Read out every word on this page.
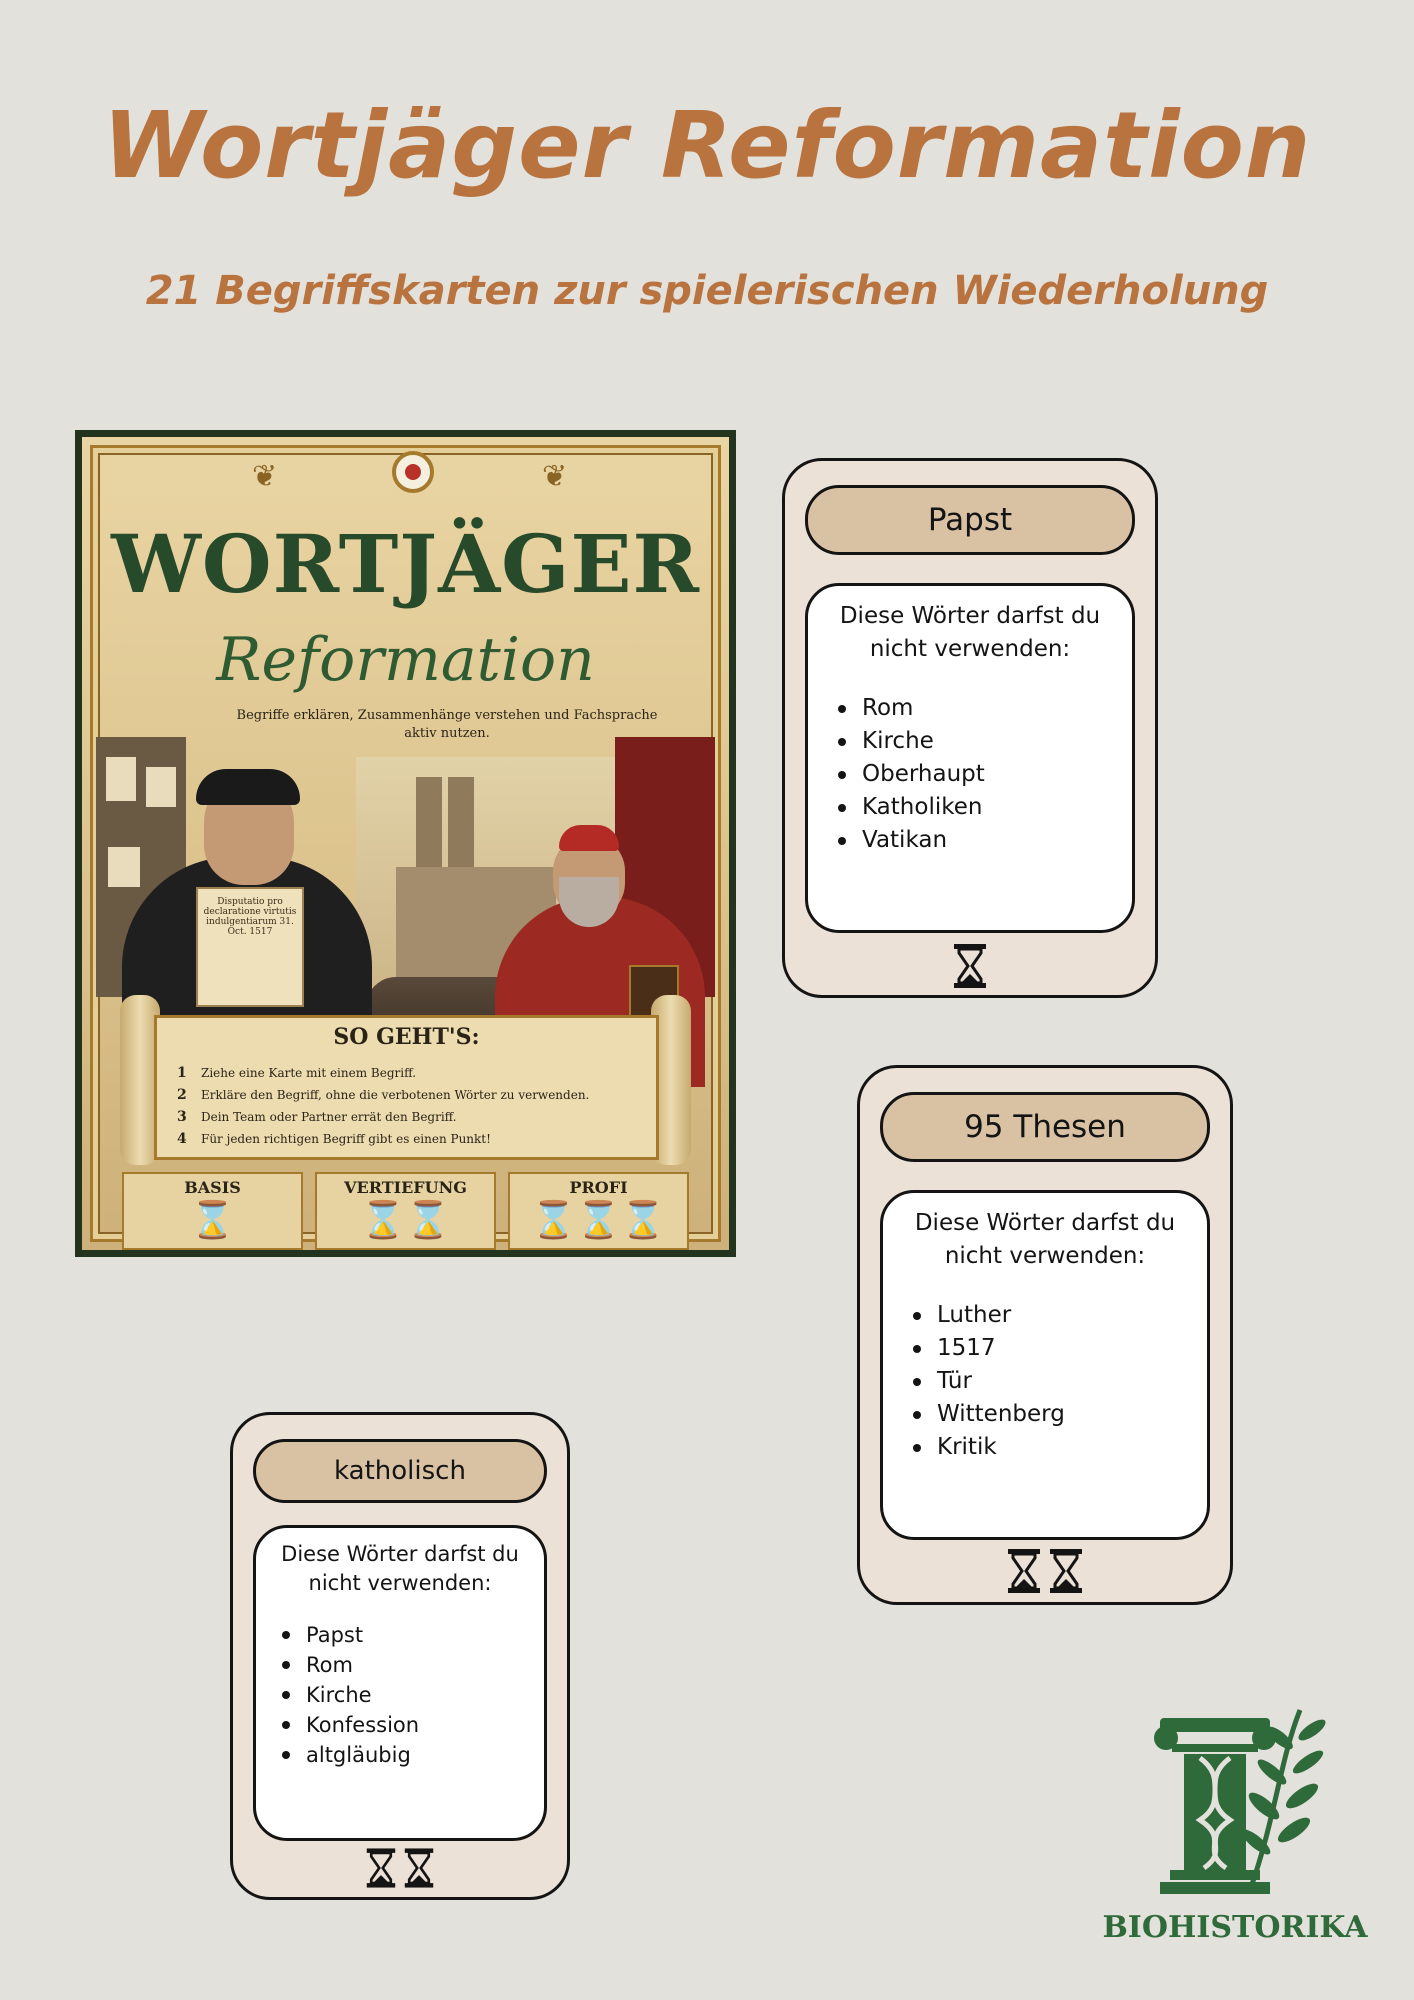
Wortjäger Reformation
21 Begriffskarten zur spielerischen Wiederholung
❦	❦
WORTJÄGER
Reformation
Begriffe erklären, Zusammenhänge verstehen und Fachsprache aktiv nutzen.
Disputatio pro declaratione virtutis indulgentiarum 31. Oct. 1517
SO GEHT'S:
1 Ziehe eine Karte mit einem Begriff.
2 Erkläre den Begriff, ohne die verbotenen Wörter zu verwenden.
3 Dein Team oder Partner errät den Begriff.
4 Für jeden richtigen Begriff gibt es einen Punkt!
BASIS
⌛
VERTIEFUNG
⌛⌛
PROFI
⌛⌛⌛
Papst

Diese Wörter darfst du nicht verwenden:

Rom
Kirche
Oberhaupt
Katholiken
Vatikan
95 Thesen

Diese Wörter darfst du nicht verwenden:

Luther
1517
Tür
Wittenberg
Kritik
katholisch

Diese Wörter darfst du nicht verwenden:

Papst
Rom
Kirche
Konfession
altgläubig
BIOHISTORIKA
